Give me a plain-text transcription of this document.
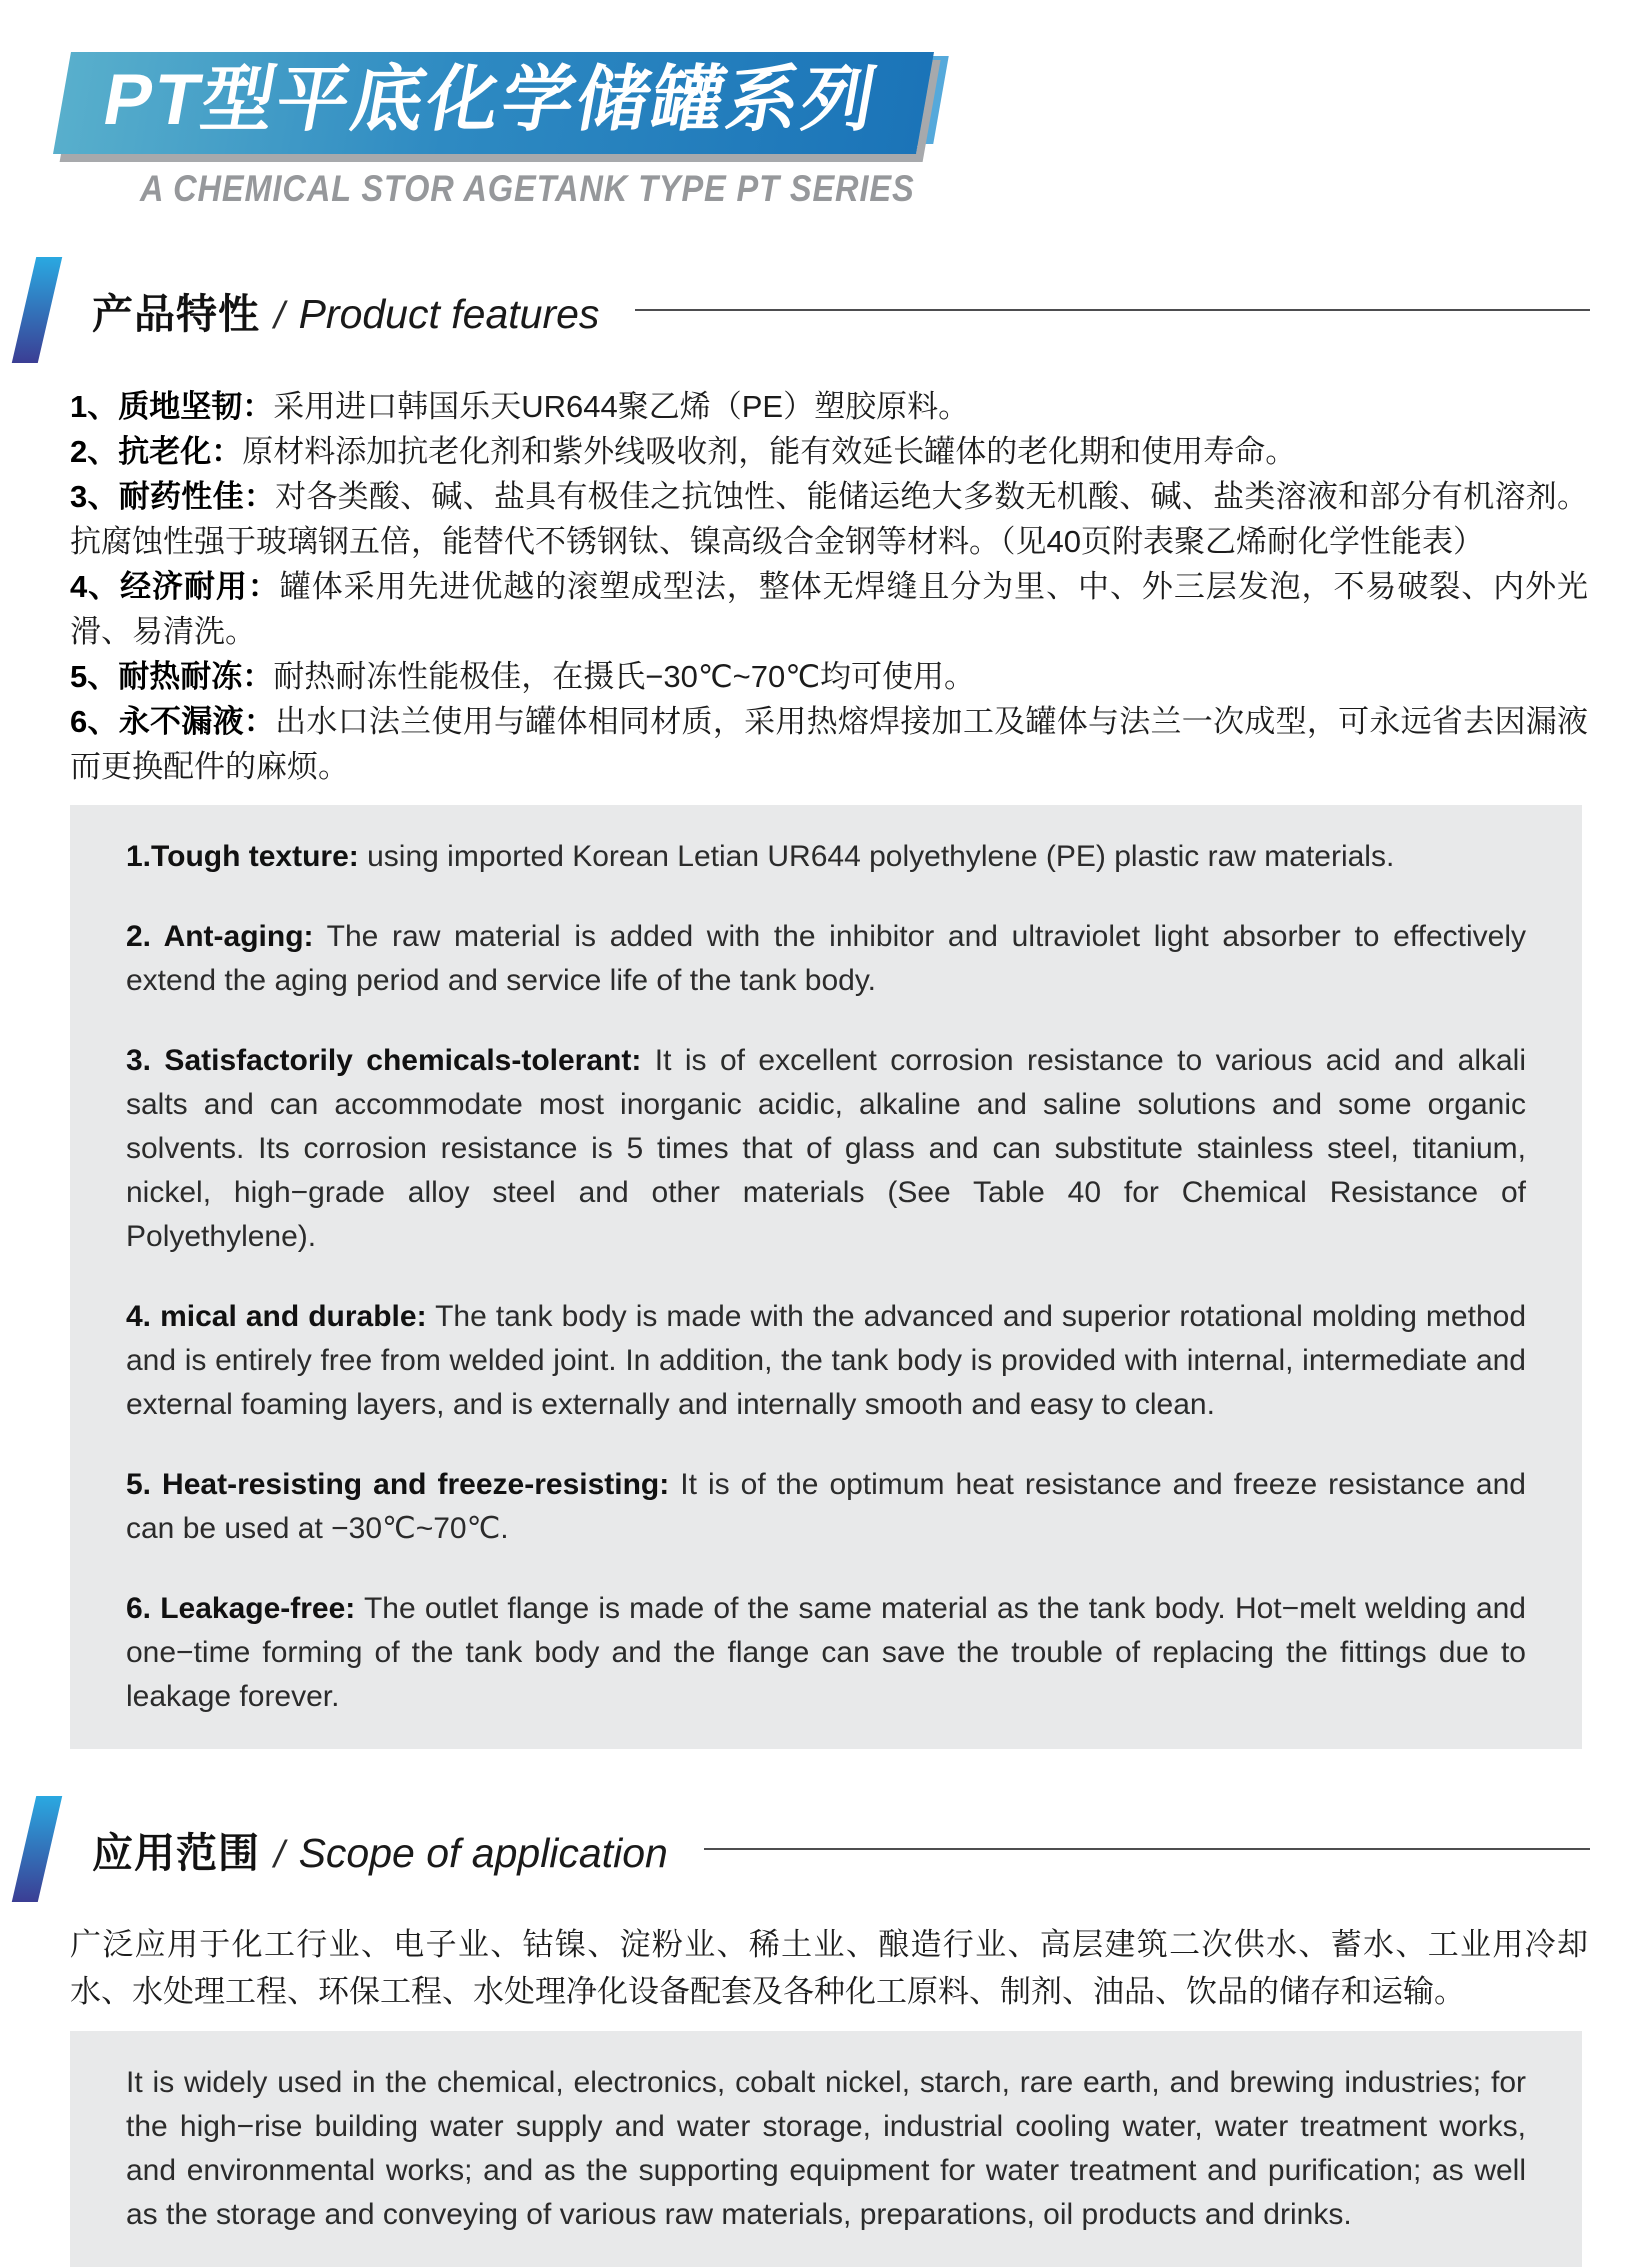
PT型平底化学储罐系列
A CHEMICAL STOR AGETANK TYPE PT SERIES
产品特性 / Product features

1、质地坚韧：采用进口韩国乐天UR644聚乙烯（PE）塑胶原料。

2、抗老化：原材料添加抗老化剂和紫外线吸收剂，能有效延长罐体的老化期和使用寿命。

3、耐药性佳：对各类酸、碱、盐具有极佳之抗蚀性、能储运绝大多数无机酸、碱、盐类溶液和部分有机溶剂。抗腐蚀性强于玻璃钢五倍，能替代不锈钢钛、镍高级合金钢等材料。（见40页附表聚乙烯耐化学性能表）

4、经济耐用：罐体采用先进优越的滚塑成型法，整体无焊缝且分为里、中、外三层发泡，不易破裂、内外光滑、易清洗。

5、耐热耐冻：耐热耐冻性能极佳，在摄氏−30℃~70℃均可使用。

6、永不漏液：出水口法兰使用与罐体相同材质，采用热熔焊接加工及罐体与法兰一次成型，可永远省去因漏液而更换配件的麻烦。

1.Tough texture: using imported Korean Letian UR644 polyethylene (PE) plastic raw materials.

2. Ant-aging: The raw material is added with the inhibitor and ultraviolet light absorber to effectively extend the aging period and service life of the tank body.

3. Satisfactorily chemicals-tolerant: It is of excellent corrosion resistance to various acid and alkali salts and can accommodate most inorganic acidic, alkaline and saline solutions and some organic solvents. Its corrosion resistance is 5 times that of glass and can substitute stainless steel, titanium, nickel, high−grade alloy steel and other materials (See Table 40 for Chemical Resistance of Polyethylene).

4. mical and durable: The tank body is made with the advanced and superior rotational molding method and is entirely free from welded joint. In addition, the tank body is provided with internal, intermediate and external foaming layers, and is externally and internally smooth and easy to clean.

5. Heat-resisting and freeze-resisting: It is of the optimum heat resistance and freeze resistance and can be used at −30℃~70℃.

6. Leakage-free: The outlet flange is made of the same material as the tank body. Hot−melt welding and one−time forming of the tank body and the flange can save the trouble of replacing the fittings due to leakage forever.

应用范围 / Scope of application
广泛应用于化工行业、电子业、钴镍、淀粉业、稀土业、酿造行业、高层建筑二次供水、蓄水、工业用冷却水、水处理工程、环保工程、水处理净化设备配套及各种化工原料、制剂、油品、饮品的储存和运输。

It is widely used in the chemical, electronics, cobalt nickel, starch, rare earth, and brewing industries; for the high−rise building water supply and water storage, industrial cooling water, water treatment works, and environmental works; and as the supporting equipment for water treatment and purification; as well as the storage and conveying of various raw materials, preparations, oil products and drinks.
